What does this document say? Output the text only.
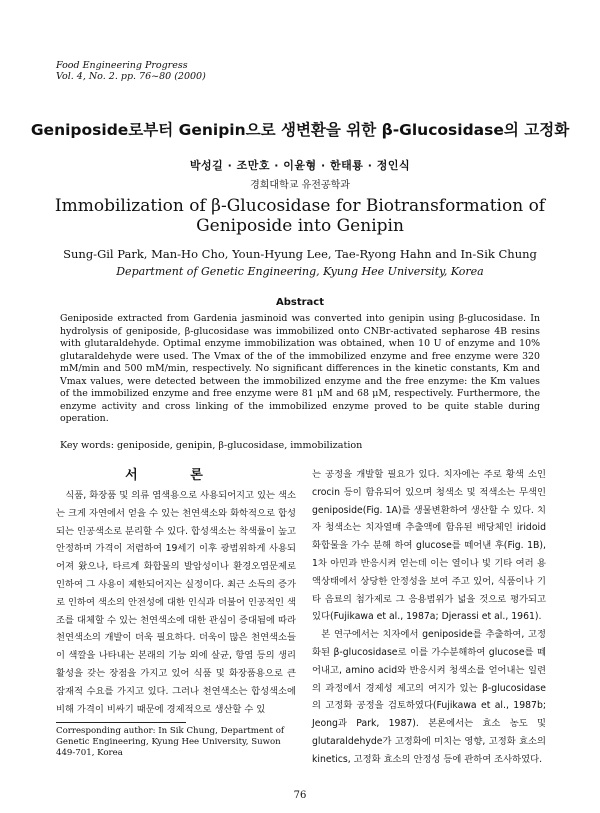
Food Engineering Progress
Vol. 4, No. 2. pp. 76~80 (2000)
Geniposide로부터 Genipin으로 생변환을 위한 β-Glucosidase의 고정화
박성길 · 조만호 · 이윤형 · 한태룡 · 정인식
경희대학교 유전공학과
Immobilization of β-Glucosidase for Biotransformation of
Geniposide into Genipin
Sung-Gil Park, Man-Ho Cho, Youn-Hyung Lee, Tae-Ryong Hahn and In-Sik Chung
Department of Genetic Engineering, Kyung Hee University, Korea
Abstract
Geniposide extracted from Gardenia jasminoid was converted into genipin using β-glucosidase. In hydrolysis of geniposide, β-glucosidase was immobilized onto CNBr-activated sepharose 4B resins with glutaraldehyde. Optimal enzyme immobilization was obtained, when 10 U of enzyme and 10% glutaraldehyde were used. The Vmax of the of the immobilized enzyme and free enzyme were 320 mM/min and 500 mM/min, respectively. No significant differences in the kinetic constants, Km and Vmax values, were detected between the immobilized enzyme and the free enzyme: the Km values of the immobilized enzyme and free enzyme were 81 μM and 68 μM, respectively. Furthermore, the enzyme activity and cross linking of the immobilized enzyme proved to be quite stable during operation.
Key words: geniposide, genipin, β-glucosidase, immobilization
서 론

식품, 화장품 및 의류 염색용으로 사용되어지고 있는 색소는 크게 자연에서 얻을 수 있는 천연색소와 화학적으로 합성되는 인공색소로 분리할 수 있다. 합성색소는 착색률이 높고 안정하며 가격이 저렴하여 19세기 이후 광범위하게 사용되어져 왔으나, 타르계 화합물의 발암성이나 환경오염문제로 인하여 그 사용이 제한되어지는 실정이다. 최근 소득의 증가로 인하여 색소의 안전성에 대한 인식과 더불어 인공적인 색조를 대체할 수 있는 천연색소에 대한 관심이 증대됨에 따라 천연색소의 개발이 더욱 필요하다. 더욱이 많은 천연색소들이 색깔을 나타내는 본래의 기능 외에 살균, 항염 등의 생리 활성을 갖는 장점을 가지고 있어 식품 및 화장품용으로 큰 잠재적 수요를 가지고 있다. 그러나 천연색소는 합성색소에 비해 가격이 비싸기 때문에 경제적으로 생산할 수 있

는 공정을 개발할 필요가 있다. 치자에는 주로 황색 소인 crocin 등이 함유되어 있으며 청색소 및 적색소는 무색인 geniposide(Fig. 1A)를 생물변환하여 생산할 수 있다. 치자 청색소는 치자열매 추출액에 함유된 배당체인 iridoid 화합물을 가수 분해 하여 glucose를 떼어낸 후(Fig. 1B), 1차 아민과 반응시켜 얻는데 이는 열이나 빛 기타 여러 용액상태에서 상당한 안정성을 보여 주고 있어, 식품이나 기타 음료의 첨가제로 그 응용범위가 넓을 것으로 평가되고 있다(Fujikawa et al., 1987a; Djerassi et al., 1961).

본 연구에서는 치자에서 geniposide를 추출하여, 고정화된 β-glucosidase로 이를 가수분해하여 glucose를 떼어내고, amino acid와 반응시켜 청색소를 얻어내는 일련의 과정에서 경제성 제고의 여지가 있는 β-glucosidase의 고정화 공정을 검토하였다(Fujikawa et al., 1987b; Jeong과 Park, 1987). 본론에서는 효소 농도 및 glutaraldehyde가 고정화에 미치는 영향, 고정화 효소의 kinetics, 고정화 효소의 안정성 등에 관하여 조사하였다.

Corresponding author: In Sik Chung, Department of Genetic Engineering, Kyung Hee University, Suwon 449-701, Korea
76
